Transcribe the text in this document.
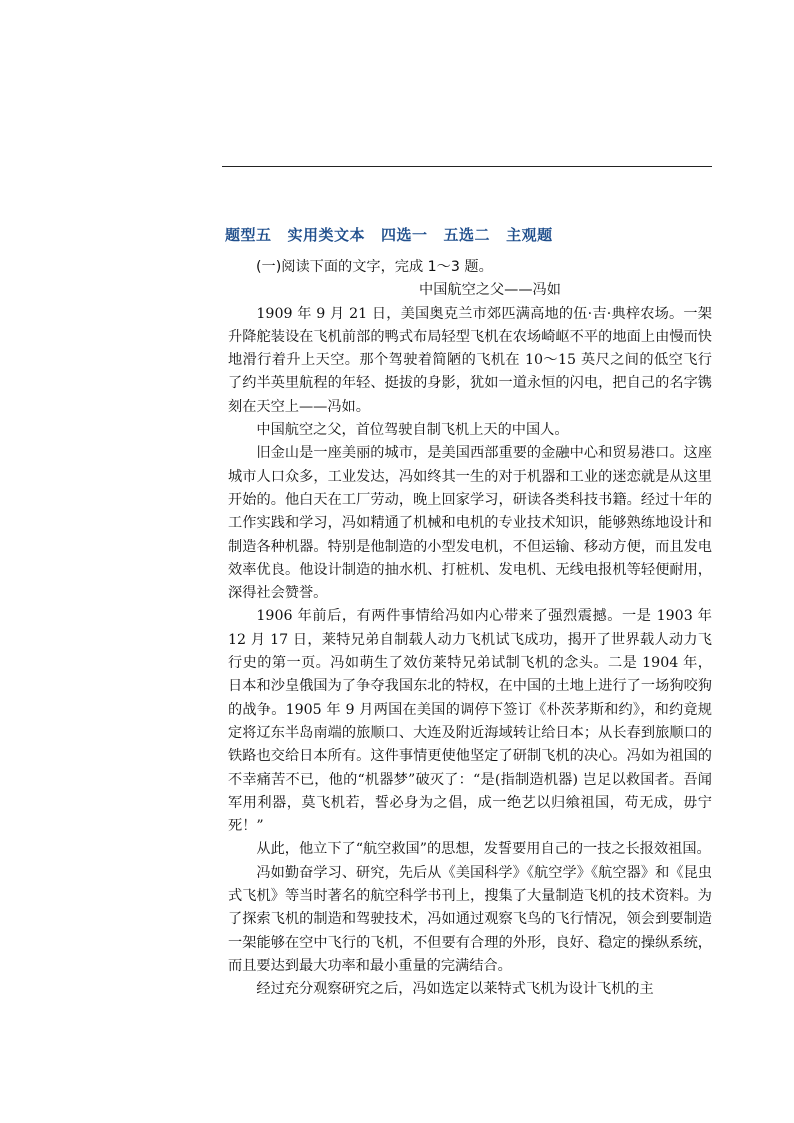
题型五 实用类文本 四选一 五选二 主观题

(一)阅读下面的文字，完成 1～3 题。

中国航空之父——冯如

1909 年 9 月 21 日，美国奥克兰市郊匹满高地的伍·吉·典梓农场。一架升降舵装设在飞机前部的鸭式布局轻型飞机在农场崎岖不平的地面上由慢而快地滑行着升上天空。那个驾驶着简陋的飞机在 10～15 英尺之间的低空飞行了约半英里航程的年轻、挺拔的身影，犹如一道永恒的闪电，把自己的名字镌刻在天空上——冯如。

中国航空之父，首位驾驶自制飞机上天的中国人。

旧金山是一座美丽的城市，是美国西部重要的金融中心和贸易港口。这座城市人口众多，工业发达，冯如终其一生的对于机器和工业的迷恋就是从这里开始的。他白天在工厂劳动，晚上回家学习，研读各类科技书籍。经过十年的工作实践和学习，冯如精通了机械和电机的专业技术知识，能够熟练地设计和制造各种机器。特别是他制造的小型发电机，不但运输、移动方便，而且发电效率优良。他设计制造的抽水机、打桩机、发电机、无线电报机等轻便耐用，深得社会赞誉。

1906 年前后，有两件事情给冯如内心带来了强烈震撼。一是 1903 年 12 月 17 日，莱特兄弟自制载人动力飞机试飞成功，揭开了世界载人动力飞行史的第一页。冯如萌生了效仿莱特兄弟试制飞机的念头。二是 1904 年，日本和沙皇俄国为了争夺我国东北的特权，在中国的土地上进行了一场狗咬狗的战争。1905 年 9 月两国在美国的调停下签订《朴茨茅斯和约》，和约竟规定将辽东半岛南端的旅顺口、大连及附近海域转让给日本；从长春到旅顺口的铁路也交给日本所有。这件事情更使他坚定了研制飞机的决心。冯如为祖国的不幸痛苦不已，他的“机器梦”破灭了：“是(指制造机器) 岂足以救国者。吾闻军用利器，莫飞机若，誓必身为之倡，成一绝艺以归飨祖国，苟无成，毋宁死！”

从此，他立下了“航空救国”的思想，发誓要用自己的一技之长报效祖国。

冯如勤奋学习、研究，先后从《美国科学》《航空学》《航空器》和《昆虫式飞机》等当时著名的航空科学书刊上，搜集了大量制造飞机的技术资料。为了探索飞机的制造和驾驶技术，冯如通过观察飞鸟的飞行情况，领会到要制造一架能够在空中飞行的飞机，不但要有合理的外形，良好、稳定的操纵系统，而且要达到最大功率和最小重量的完满结合。

经过充分观察研究之后，冯如选定以莱特式飞机为设计飞机的主
